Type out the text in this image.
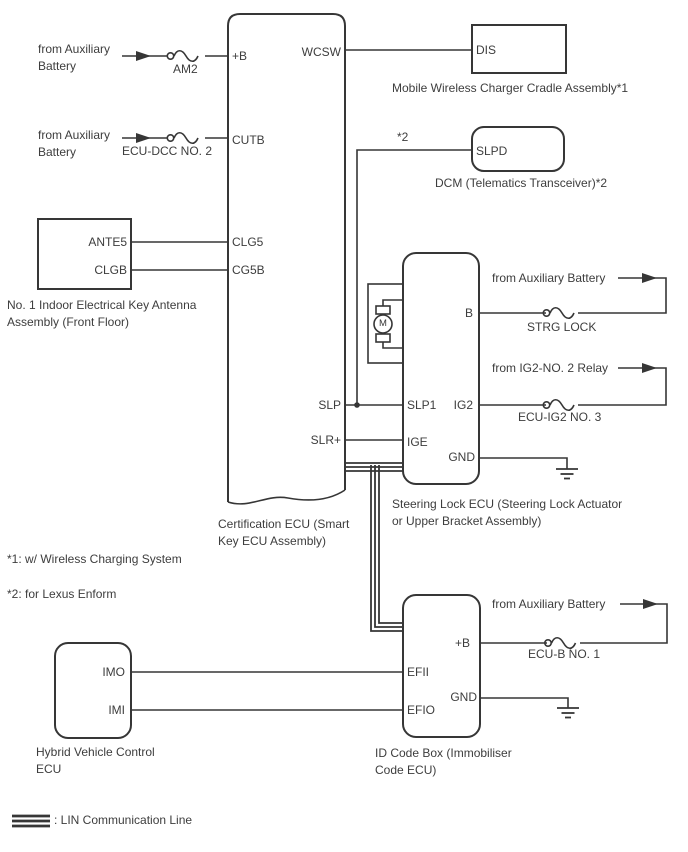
from Auxiliary Battery	AM2
from Auxiliary Battery	ECU-DCC NO. 2
+B
CUTB
CLG5
CG5B
WCSW
SLP
SLR+
Certification ECU (Smart Key ECU Assembly)
DIS
Mobile Wireless Charger Cradle Assembly*1
*2
SLPD
DCM (Telematics Transceiver)*2
ANTE5
CLGB
No. 1 Indoor Electrical Key Antenna Assembly (Front Floor)	M
B
SLP1 IG2
IGE
GND
from Auxiliary Battery
STRG LOCK
from IG2-NO. 2 Relay
ECU-IG2 NO. 3
Steering Lock ECU (Steering Lock Actuator or Upper Bracket Assembly)
*1: w/ Wireless Charging System
*2: for Lexus Enform
IMO
IMI
Hybrid Vehicle Control ECU
+B
EFII
EFIO
GND
from Auxiliary Battery
ECU-B NO. 1
ID Code Box (Immobiliser Code ECU)
: LIN Communication Line
